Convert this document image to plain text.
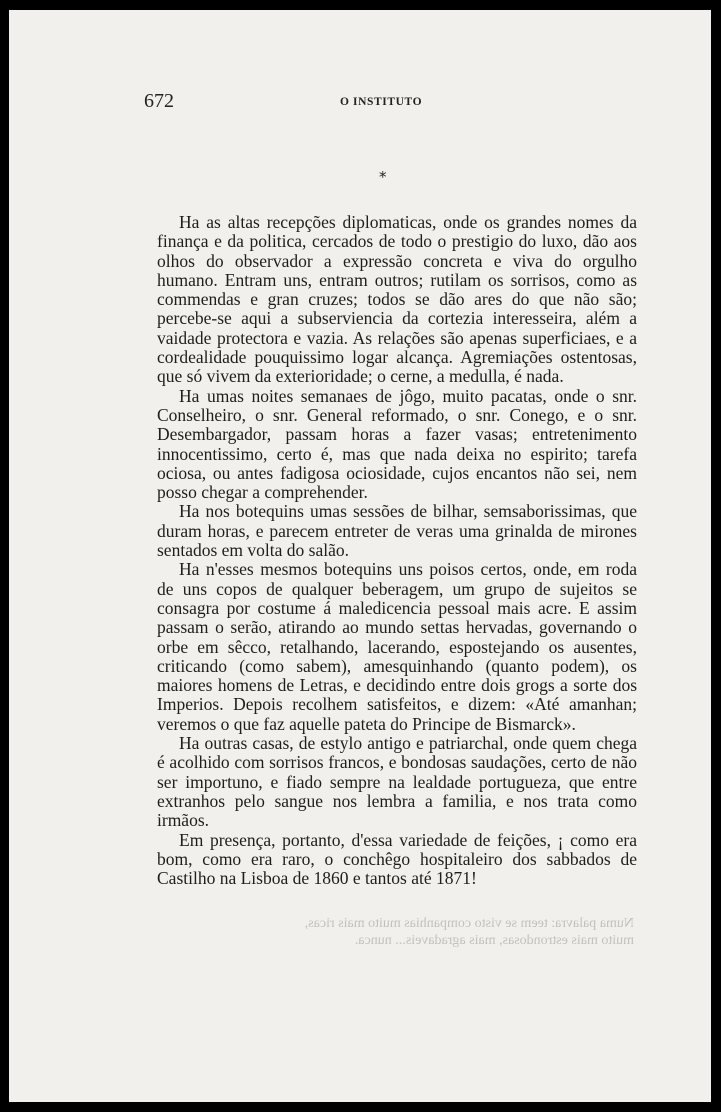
672	O INSTITUTO
*

Ha as altas recepções diplomaticas, onde os grandes nomes da finança e da politica, cercados de todo o prestigio do luxo, dão aos olhos do observador a expressão concreta e viva do orgulho humano. Entram uns, entram outros; rutilam os sorrisos, como as commendas e gran cruzes; todos se dão ares do que não são; percebe-se aqui a subserviencia da cortezia interesseira, além a vaidade protectora e vazia. As relações são apenas superficiaes, e a cordealidade pouquissimo logar alcança. Agremiações ostentosas, que só vivem da exterioridade; o cerne, a medulla, é nada.

Ha umas noites semanaes de jôgo, muito pacatas, onde o snr. Conselheiro, o snr. General reformado, o snr. Conego, e o snr. Desembargador, passam horas a fazer vasas; entretenimento innocentissimo, certo é, mas que nada deixa no espirito; tarefa ociosa, ou antes fadigosa ociosidade, cujos encantos não sei, nem posso chegar a comprehender.

Ha nos botequins umas sessões de bilhar, semsaborissimas, que duram horas, e parecem entreter de veras uma grinalda de mirones sentados em volta do salão.

Ha n'esses mesmos botequins uns poisos certos, onde, em roda de uns copos de qualquer beberagem, um grupo de sujeitos se consagra por costume á maledicencia pessoal mais acre. E assim passam o serão, atirando ao mundo settas hervadas, governando o orbe em sêcco, retalhando, lacerando, espostejando os ausentes, criticando (como sabem), amesquinhando (quanto podem), os maiores homens de Letras, e decidindo entre dois grogs a sorte dos Imperios. Depois recolhem satisfeitos, e dizem: «Até amanhan; veremos o que faz aquelle pateta do Principe de Bismarck».

Ha outras casas, de estylo antigo e patriarchal, onde quem chega é acolhido com sorrisos francos, e bondosas saudações, certo de não ser importuno, e fiado sempre na lealdade portugueza, que entre extranhos pelo sangue nos lembra a familia, e nos trata como irmãos.

Em presença, portanto, d'essa variedade de feições, ¡ como era bom, como era raro, o conchêgo hospitaleiro dos sabbados de Castilho na Lisboa de 1860 e tantos até 1871!

Numa palavra: teem se visto companhias muito mais ricas,
muito mais estrondosas, mais agradaveis... nunca.
